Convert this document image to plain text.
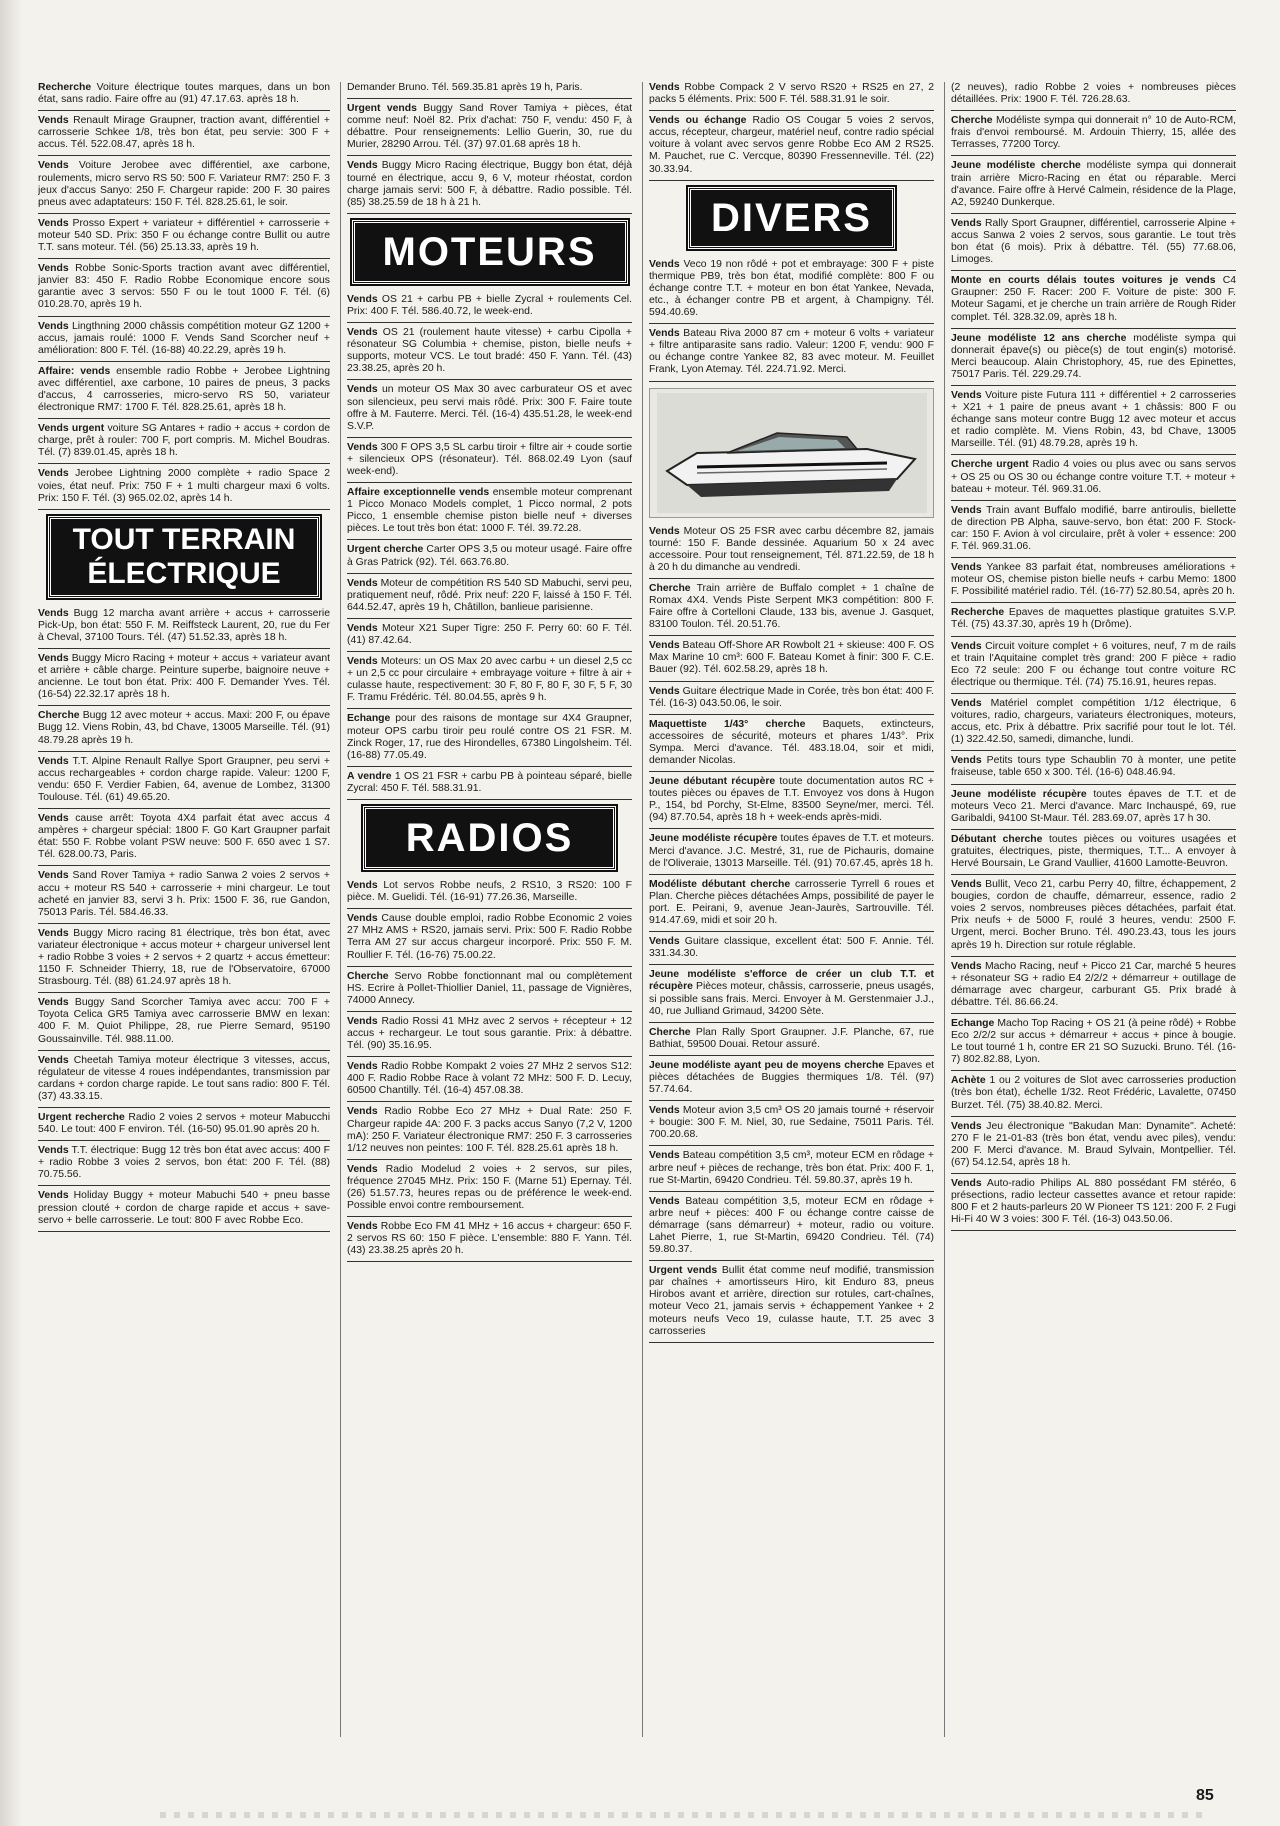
Recherche Voiture électrique toutes marques, dans un bon état, sans radio. Faire offre au (91) 47.17.63. après 18 h.
Vends Renault Mirage Graupner, traction avant, différentiel + carrosserie Schkee 1/8, très bon état, peu servie: 300 F + accus. Tél. 522.08.47, après 18 h.
Vends Voiture Jerobee avec différentiel, axe carbone, roulements, micro servo RS 50: 500 F. Variateur RM7: 250 F. 3 jeux d'accus Sanyo: 250 F. Chargeur rapide: 200 F. 30 paires pneus avec adaptateurs: 150 F. Tél. 828.25.61, le soir.
Vends Prosso Expert + variateur + différentiel + carrosserie + moteur 540 SD. Prix: 350 F ou échange contre Bullit ou autre T.T. sans moteur. Tél. (56) 25.13.33, après 19 h.
Vends Robbe Sonic-Sports traction avant avec différentiel, janvier 83: 450 F. Radio Robbe Economique encore sous garantie avec 3 servos: 550 F ou le tout 1000 F. Tél. (6) 010.28.70, après 19 h.
Vends Lingthning 2000 châssis compétition moteur GZ 1200 + accus, jamais roulé: 1000 F. Vends Sand Scorcher neuf + amélioration: 800 F. Tél. (16-88) 40.22.29, après 19 h.
Affaire: vends ensemble radio Robbe + Jerobee Lightning avec différentiel, axe carbone, 10 paires de pneus, 3 packs d'accus, 4 carrosseries, micro-servo RS 50, variateur électronique RM7: 1700 F. Tél. 828.25.61, après 18 h.
Vends urgent voiture SG Antares + radio + accus + cordon de charge, prêt à rouler: 700 F, port compris. M. Michel Boudras. Tél. (7) 839.01.45, après 18 h.
Vends Jerobee Lightning 2000 complète + radio Space 2 voies, état neuf. Prix: 750 F + 1 multi chargeur maxi 6 volts. Prix: 150 F. Tél. (3) 965.02.02, après 14 h.
TOUT TERRAIN
ÉLECTRIQUE
Vends Bugg 12 marcha avant arrière + accus + carrosserie Pick-Up, bon état: 550 F. M. Reiffsteck Laurent, 20, rue du Fer à Cheval, 37100 Tours. Tél. (47) 51.52.33, après 18 h.
Vends Buggy Micro Racing + moteur + accus + variateur avant et arrière + câble charge. Peinture superbe, baignoire neuve + ancienne. Le tout bon état. Prix: 400 F. Demander Yves. Tél. (16-54) 22.32.17 après 18 h.
Cherche Bugg 12 avec moteur + accus. Maxi: 200 F, ou épave Bugg 12. Viens Robin, 43, bd Chave, 13005 Marseille. Tél. (91) 48.79.28 après 19 h.
Vends T.T. Alpine Renault Rallye Sport Graupner, peu servi + accus rechargeables + cordon charge rapide. Valeur: 1200 F, vendu: 650 F. Verdier Fabien, 64, avenue de Lombez, 31300 Toulouse. Tél. (61) 49.65.20.
Vends cause arrêt: Toyota 4X4 parfait état avec accus 4 ampères + chargeur spécial: 1800 F. G0 Kart Graupner parfait état: 550 F. Robbe volant PSW neuve: 500 F. 650 avec 1 S7. Tél. 628.00.73, Paris.
Vends Sand Rover Tamiya + radio Sanwa 2 voies 2 servos + accu + moteur RS 540 + carrosserie + mini chargeur. Le tout acheté en janvier 83, servi 3 h. Prix: 1500 F. 36, rue Gandon, 75013 Paris. Tél. 584.46.33.
Vends Buggy Micro racing 81 électrique, très bon état, avec variateur électronique + accus moteur + chargeur universel lent + radio Robbe 3 voies + 2 servos + 2 quartz + accus émetteur: 1150 F. Schneider Thierry, 18, rue de l'Observatoire, 67000 Strasbourg. Tél. (88) 61.24.97 après 18 h.
Vends Buggy Sand Scorcher Tamiya avec accu: 700 F + Toyota Celica GR5 Tamiya avec carrosserie BMW en lexan: 400 F. M. Quiot Philippe, 28, rue Pierre Semard, 95190 Goussainville. Tél. 988.11.00.
Vends Cheetah Tamiya moteur électrique 3 vitesses, accus, régulateur de vitesse 4 roues indépendantes, transmission par cardans + cordon charge rapide. Le tout sans radio: 800 F. Tél. (37) 43.33.15.
Urgent recherche Radio 2 voies 2 servos + moteur Mabucchi 540. Le tout: 400 F environ. Tél. (16-50) 95.01.90 après 20 h.
Vends T.T. électrique: Bugg 12 très bon état avec accus: 400 F + radio Robbe 3 voies 2 servos, bon état: 200 F. Tél. (88) 70.75.56.
Vends Holiday Buggy + moteur Mabuchi 540 + pneu basse pression clouté + cordon de charge rapide et accus + save-servo + belle carrosserie. Le tout: 800 F avec Robbe Eco.
Demander Bruno. Tél. 569.35.81 après 19 h, Paris.
Urgent vends Buggy Sand Rover Tamiya + pièces, état comme neuf: Noël 82. Prix d'achat: 750 F, vendu: 450 F, à débattre. Pour renseignements: Lellio Guerin, 30, rue du Murier, 28290 Arrou. Tél. (37) 97.01.68 après 18 h.
Vends Buggy Micro Racing électrique, Buggy bon état, déjà tourné en électrique, accu 9, 6 V, moteur rhéostat, cordon charge jamais servi: 500 F, à débattre. Radio possible. Tél. (85) 38.25.59 de 18 h à 21 h.
MOTEURS
Vends OS 21 + carbu PB + bielle Zycral + roulements Cel. Prix: 400 F. Tél. 586.40.72, le week-end.
Vends OS 21 (roulement haute vitesse) + carbu Cipolla + résonateur SG Columbia + chemise, piston, bielle neufs + supports, moteur VCS. Le tout bradé: 450 F. Yann. Tél. (43) 23.38.25, après 20 h.
Vends un moteur OS Max 30 avec carburateur OS et avec son silencieux, peu servi mais rôdé. Prix: 300 F. Faire toute offre à M. Fauterre. Merci. Tél. (16-4) 435.51.28, le week-end S.V.P.
Vends 300 F OPS 3,5 SL carbu tiroir + filtre air + coude sortie + silencieux OPS (résonateur). Tél. 868.02.49 Lyon (sauf week-end).
Affaire exceptionnelle vends ensemble moteur comprenant 1 Picco Monaco Models complet, 1 Picco normal, 2 pots Picco, 1 ensemble chemise piston bielle neuf + diverses pièces. Le tout très bon état: 1000 F. Tél. 39.72.28.
Urgent cherche Carter OPS 3,5 ou moteur usagé. Faire offre à Gras Patrick (92). Tél. 663.76.80.
Vends Moteur de compétition RS 540 SD Mabuchi, servi peu, pratiquement neuf, rôdé. Prix neuf: 220 F, laissé à 150 F. Tél. 644.52.47, après 19 h, Châtillon, banlieue parisienne.
Vends Moteur X21 Super Tigre: 250 F. Perry 60: 60 F. Tél. (41) 87.42.64.
Vends Moteurs: un OS Max 20 avec carbu + un diesel 2,5 cc + un 2,5 cc pour circulaire + embrayage voiture + filtre à air + culasse haute, respectivement: 30 F, 80 F, 80 F, 30 F, 5 F, 30 F. Tramu Frédéric. Tél. 80.04.55, après 9 h.
Echange pour des raisons de montage sur 4X4 Graupner, moteur OPS carbu tiroir peu roulé contre OS 21 FSR. M. Zinck Roger, 17, rue des Hirondelles, 67380 Lingolsheim. Tél. (16-88) 77.05.49.
A vendre 1 OS 21 FSR + carbu PB à pointeau séparé, bielle Zycral: 450 F. Tél. 588.31.91.
RADIOS
Vends Lot servos Robbe neufs, 2 RS10, 3 RS20: 100 F pièce. M. Guelidi. Tél. (16-91) 77.26.36, Marseille.
Vends Cause double emploi, radio Robbe Economic 2 voies 27 MHz AMS + RS20, jamais servi. Prix: 500 F. Radio Robbe Terra AM 27 sur accus chargeur incorporé. Prix: 550 F. M. Roullier F. Tél. (16-76) 75.00.22.
Cherche Servo Robbe fonctionnant mal ou complètement HS. Ecrire à Pollet-Thiollier Daniel, 11, passage de Vignières, 74000 Annecy.
Vends Radio Rossi 41 MHz avec 2 servos + récepteur + 12 accus + rechargeur. Le tout sous garantie. Prix: à débattre. Tél. (90) 35.16.95.
Vends Radio Robbe Kompakt 2 voies 27 MHz 2 servos S12: 400 F. Radio Robbe Race à volant 72 MHz: 500 F. D. Lecuy, 60500 Chantilly. Tél. (16-4) 457.08.38.
Vends Radio Robbe Eco 27 MHz + Dual Rate: 250 F. Chargeur rapide 4A: 200 F. 3 packs accus Sanyo (7,2 V, 1200 mA): 250 F. Variateur électronique RM7: 250 F. 3 carrosseries 1/12 neuves non peintes: 100 F. Tél. 828.25.61 après 18 h.
Vends Radio Modelud 2 voies + 2 servos, sur piles, fréquence 27045 MHz. Prix: 150 F. (Marne 51) Epernay. Tél. (26) 51.57.73, heures repas ou de préférence le week-end. Possible envoi contre remboursement.
Vends Robbe Eco FM 41 MHz + 16 accus + chargeur: 650 F. 2 servos RS 60: 150 F pièce. L'ensemble: 880 F. Yann. Tél. (43) 23.38.25 après 20 h.
Vends Robbe Compack 2 V servo RS20 + RS25 en 27, 2 packs 5 éléments. Prix: 500 F. Tél. 588.31.91 le soir.
Vends ou échange Radio OS Cougar 5 voies 2 servos, accus, récepteur, chargeur, matériel neuf, contre radio spécial voiture à volant avec servos genre Robbe Eco AM 2 RS25. M. Pauchet, rue C. Vercque, 80390 Fressenneville. Tél. (22) 30.33.94.
DIVERS
Vends Veco 19 non rôdé + pot et embrayage: 300 F + piste thermique PB9, très bon état, modifié complète: 800 F ou échange contre T.T. + moteur en bon état Yankee, Nevada, etc., à échanger contre PB et argent, à Champigny. Tél. 594.40.69.
Vends Bateau Riva 2000 87 cm + moteur 6 volts + variateur + filtre antiparasite sans radio. Valeur: 1200 F, vendu: 900 F ou échange contre Yankee 82, 83 avec moteur. M. Feuillet Frank, Lyon Atemay. Tél. 224.71.92. Merci.
Vends Moteur OS 25 FSR avec carbu décembre 82, jamais tourné: 150 F. Bande dessinée. Aquarium 50 x 24 avec accessoire. Pour tout renseignement, Tél. 871.22.59, de 18 h à 20 h du dimanche au vendredi.
Cherche Train arrière de Buffalo complet + 1 chaîne de Romax 4X4. Vends Piste Serpent MK3 compétition: 800 F. Faire offre à Cortelloni Claude, 133 bis, avenue J. Gasquet, 83100 Toulon. Tél. 20.51.76.
Vends Bateau Off-Shore AR Rowbolt 21 + skieuse: 400 F. OS Max Marine 10 cm³: 600 F. Bateau Komet à finir: 300 F. C.E. Bauer (92). Tél. 602.58.29, après 18 h.
Vends Guitare électrique Made in Corée, très bon état: 400 F. Tél. (16-3) 043.50.06, le soir.
Maquettiste 1/43° cherche Baquets, extincteurs, accessoires de sécurité, moteurs et phares 1/43°. Prix Sympa. Merci d'avance. Tél. 483.18.04, soir et midi, demander Nicolas.
Jeune débutant récupère toute documentation autos RC + toutes pièces ou épaves de T.T. Envoyez vos dons à Hugon P., 154, bd Porchy, St-Elme, 83500 Seyne/mer, merci. Tél. (94) 87.70.54, après 18 h + week-ends après-midi.
Jeune modéliste récupère toutes épaves de T.T. et moteurs. Merci d'avance. J.C. Mestré, 31, rue de Pichauris, domaine de l'Oliveraie, 13013 Marseille. Tél. (91) 70.67.45, après 18 h.
Modéliste débutant cherche carrosserie Tyrrell 6 roues et Plan. Cherche pièces détachées Amps, possibilité de payer le port. E. Peirani, 9, avenue Jean-Jaurès, Sartrouville. Tél. 914.47.69, midi et soir 20 h.
Vends Guitare classique, excellent état: 500 F. Annie. Tél. 331.34.30.
Jeune modéliste s'efforce de créer un club T.T. et récupère Pièces moteur, châssis, carrosserie, pneus usagés, si possible sans frais. Merci. Envoyer à M. Gerstenmaier J.J., 40, rue Julliand Grimaud, 34200 Sète.
Cherche Plan Rally Sport Graupner. J.F. Planche, 67, rue Bathiat, 59500 Douai. Retour assuré.
Jeune modéliste ayant peu de moyens cherche Epaves et pièces détachées de Buggies thermiques 1/8. Tél. (97) 57.74.64.
Vends Moteur avion 3,5 cm³ OS 20 jamais tourné + réservoir + bougie: 300 F. M. Niel, 30, rue Sedaine, 75011 Paris. Tél. 700.20.68.
Vends Bateau compétition 3,5 cm³, moteur ECM en rôdage + arbre neuf + pièces de rechange, très bon état. Prix: 400 F. 1, rue St-Martin, 69420 Condrieu. Tél. 59.80.37, après 19 h.
Vends Bateau compétition 3,5, moteur ECM en rôdage + arbre neuf + pièces: 400 F ou échange contre caisse de démarrage (sans démarreur) + moteur, radio ou voiture. Lahet Pierre, 1, rue St-Martin, 69420 Condrieu. Tél. (74) 59.80.37.
Urgent vends Bullit état comme neuf modifié, transmission par chaînes + amortisseurs Hiro, kit Enduro 83, pneus Hirobos avant et arrière, direction sur rotules, cart-chaînes, moteur Veco 21, jamais servis + échappement Yankee + 2 moteurs neufs Veco 19, culasse haute, T.T. 25 avec 3 carrosseries
(2 neuves), radio Robbe 2 voies + nombreuses pièces détaillées. Prix: 1900 F. Tél. 726.28.63.
Cherche Modéliste sympa qui donnerait n° 10 de Auto-RCM, frais d'envoi remboursé. M. Ardouin Thierry, 15, allée des Terrasses, 77200 Torcy.
Jeune modéliste cherche modéliste sympa qui donnerait train arrière Micro-Racing en état ou réparable. Merci d'avance. Faire offre à Hervé Calmein, résidence de la Plage, A2, 59240 Dunkerque.
Vends Rally Sport Graupner, différentiel, carrosserie Alpine + accus Sanwa 2 voies 2 servos, sous garantie. Le tout très bon état (6 mois). Prix à débattre. Tél. (55) 77.68.06, Limoges.
Monte en courts délais toutes voitures je vends C4 Graupner: 250 F. Racer: 200 F. Voiture de piste: 300 F. Moteur Sagami, et je cherche un train arrière de Rough Rider complet. Tél. 328.32.09, après 18 h.
Jeune modéliste 12 ans cherche modéliste sympa qui donnerait épave(s) ou pièce(s) de tout engin(s) motorisé. Merci beaucoup. Alain Christophory, 45, rue des Epinettes, 75017 Paris. Tél. 229.29.74.
Vends Voiture piste Futura 111 + différentiel + 2 carrosseries + X21 + 1 paire de pneus avant + 1 châssis: 800 F ou échange sans moteur contre Bugg 12 avec moteur et accus et radio complète. M. Viens Robin, 43, bd Chave, 13005 Marseille. Tél. (91) 48.79.28, après 19 h.
Cherche urgent Radio 4 voies ou plus avec ou sans servos + OS 25 ou OS 30 ou échange contre voiture T.T. + moteur + bateau + moteur. Tél. 969.31.06.
Vends Train avant Buffalo modifié, barre antiroulis, biellette de direction PB Alpha, sauve-servo, bon état: 200 F. Stock-car: 150 F. Avion à vol circulaire, prêt à voler + essence: 200 F. Tél. 969.31.06.
Vends Yankee 83 parfait état, nombreuses améliorations + moteur OS, chemise piston bielle neufs + carbu Memo: 1800 F. Possibilité matériel radio. Tél. (16-77) 52.80.54, après 20 h.
Recherche Epaves de maquettes plastique gratuites S.V.P. Tél. (75) 43.37.30, après 19 h (Drôme).
Vends Circuit voiture complet + 6 voitures, neuf, 7 m de rails et train l'Aquitaine complet très grand: 200 F pièce + radio Eco 72 seule: 200 F ou échange tout contre voiture RC électrique ou thermique. Tél. (74) 75.16.91, heures repas.
Vends Matériel complet compétition 1/12 électrique, 6 voitures, radio, chargeurs, variateurs électroniques, moteurs, accus, etc. Prix à débattre. Prix sacrifié pour tout le lot. Tél. (1) 322.42.50, samedi, dimanche, lundi.
Vends Petits tours type Schaublin 70 à monter, une petite fraiseuse, table 650 x 300. Tél. (16-6) 048.46.94.
Jeune modéliste récupère toutes épaves de T.T. et de moteurs Veco 21. Merci d'avance. Marc Inchauspé, 69, rue Garibaldi, 94100 St-Maur. Tél. 283.69.07, après 17 h 30.
Débutant cherche toutes pièces ou voitures usagées et gratuites, électriques, piste, thermiques, T.T... A envoyer à Hervé Boursain, Le Grand Vaullier, 41600 Lamotte-Beuvron.
Vends Bullit, Veco 21, carbu Perry 40, filtre, échappement, 2 bougies, cordon de chauffe, démarreur, essence, radio 2 voies 2 servos, nombreuses pièces détachées, parfait état. Prix neufs + de 5000 F, roulé 3 heures, vendu: 2500 F. Urgent, merci. Bocher Bruno. Tél. 490.23.43, tous les jours après 19 h. Direction sur rotule réglable.
Vends Macho Racing, neuf + Picco 21 Car, marché 5 heures + résonateur SG + radio E4 2/2/2 + démarreur + outillage de démarrage avec chargeur, carburant G5. Prix bradé à débattre. Tél. 86.66.24.
Echange Macho Top Racing + OS 21 (à peine rôdé) + Robbe Eco 2/2/2 sur accus + démarreur + accus + pince à bougie. Le tout tourné 1 h, contre ER 21 SO Suzucki. Bruno. Tél. (16-7) 802.82.88, Lyon.
Achète 1 ou 2 voitures de Slot avec carrosseries production (très bon état), échelle 1/32. Reot Frédéric, Lavalette, 07450 Burzet. Tél. (75) 38.40.82. Merci.
Vends Jeu électronique "Bakudan Man: Dynamite". Acheté: 270 F le 21-01-83 (très bon état, vendu avec piles), vendu: 200 F. Merci d'avance. M. Braud Sylvain, Montpellier. Tél. (67) 54.12.54, après 18 h.
Vends Auto-radio Philips AL 880 possédant FM stéréo, 6 présections, radio lecteur cassettes avance et retour rapide: 800 F et 2 hauts-parleurs 20 W Pioneer TS 121: 200 F. 2 Fugi Hi-Fi 40 W 3 voies: 300 F. Tél. (16-3) 043.50.06.
85
